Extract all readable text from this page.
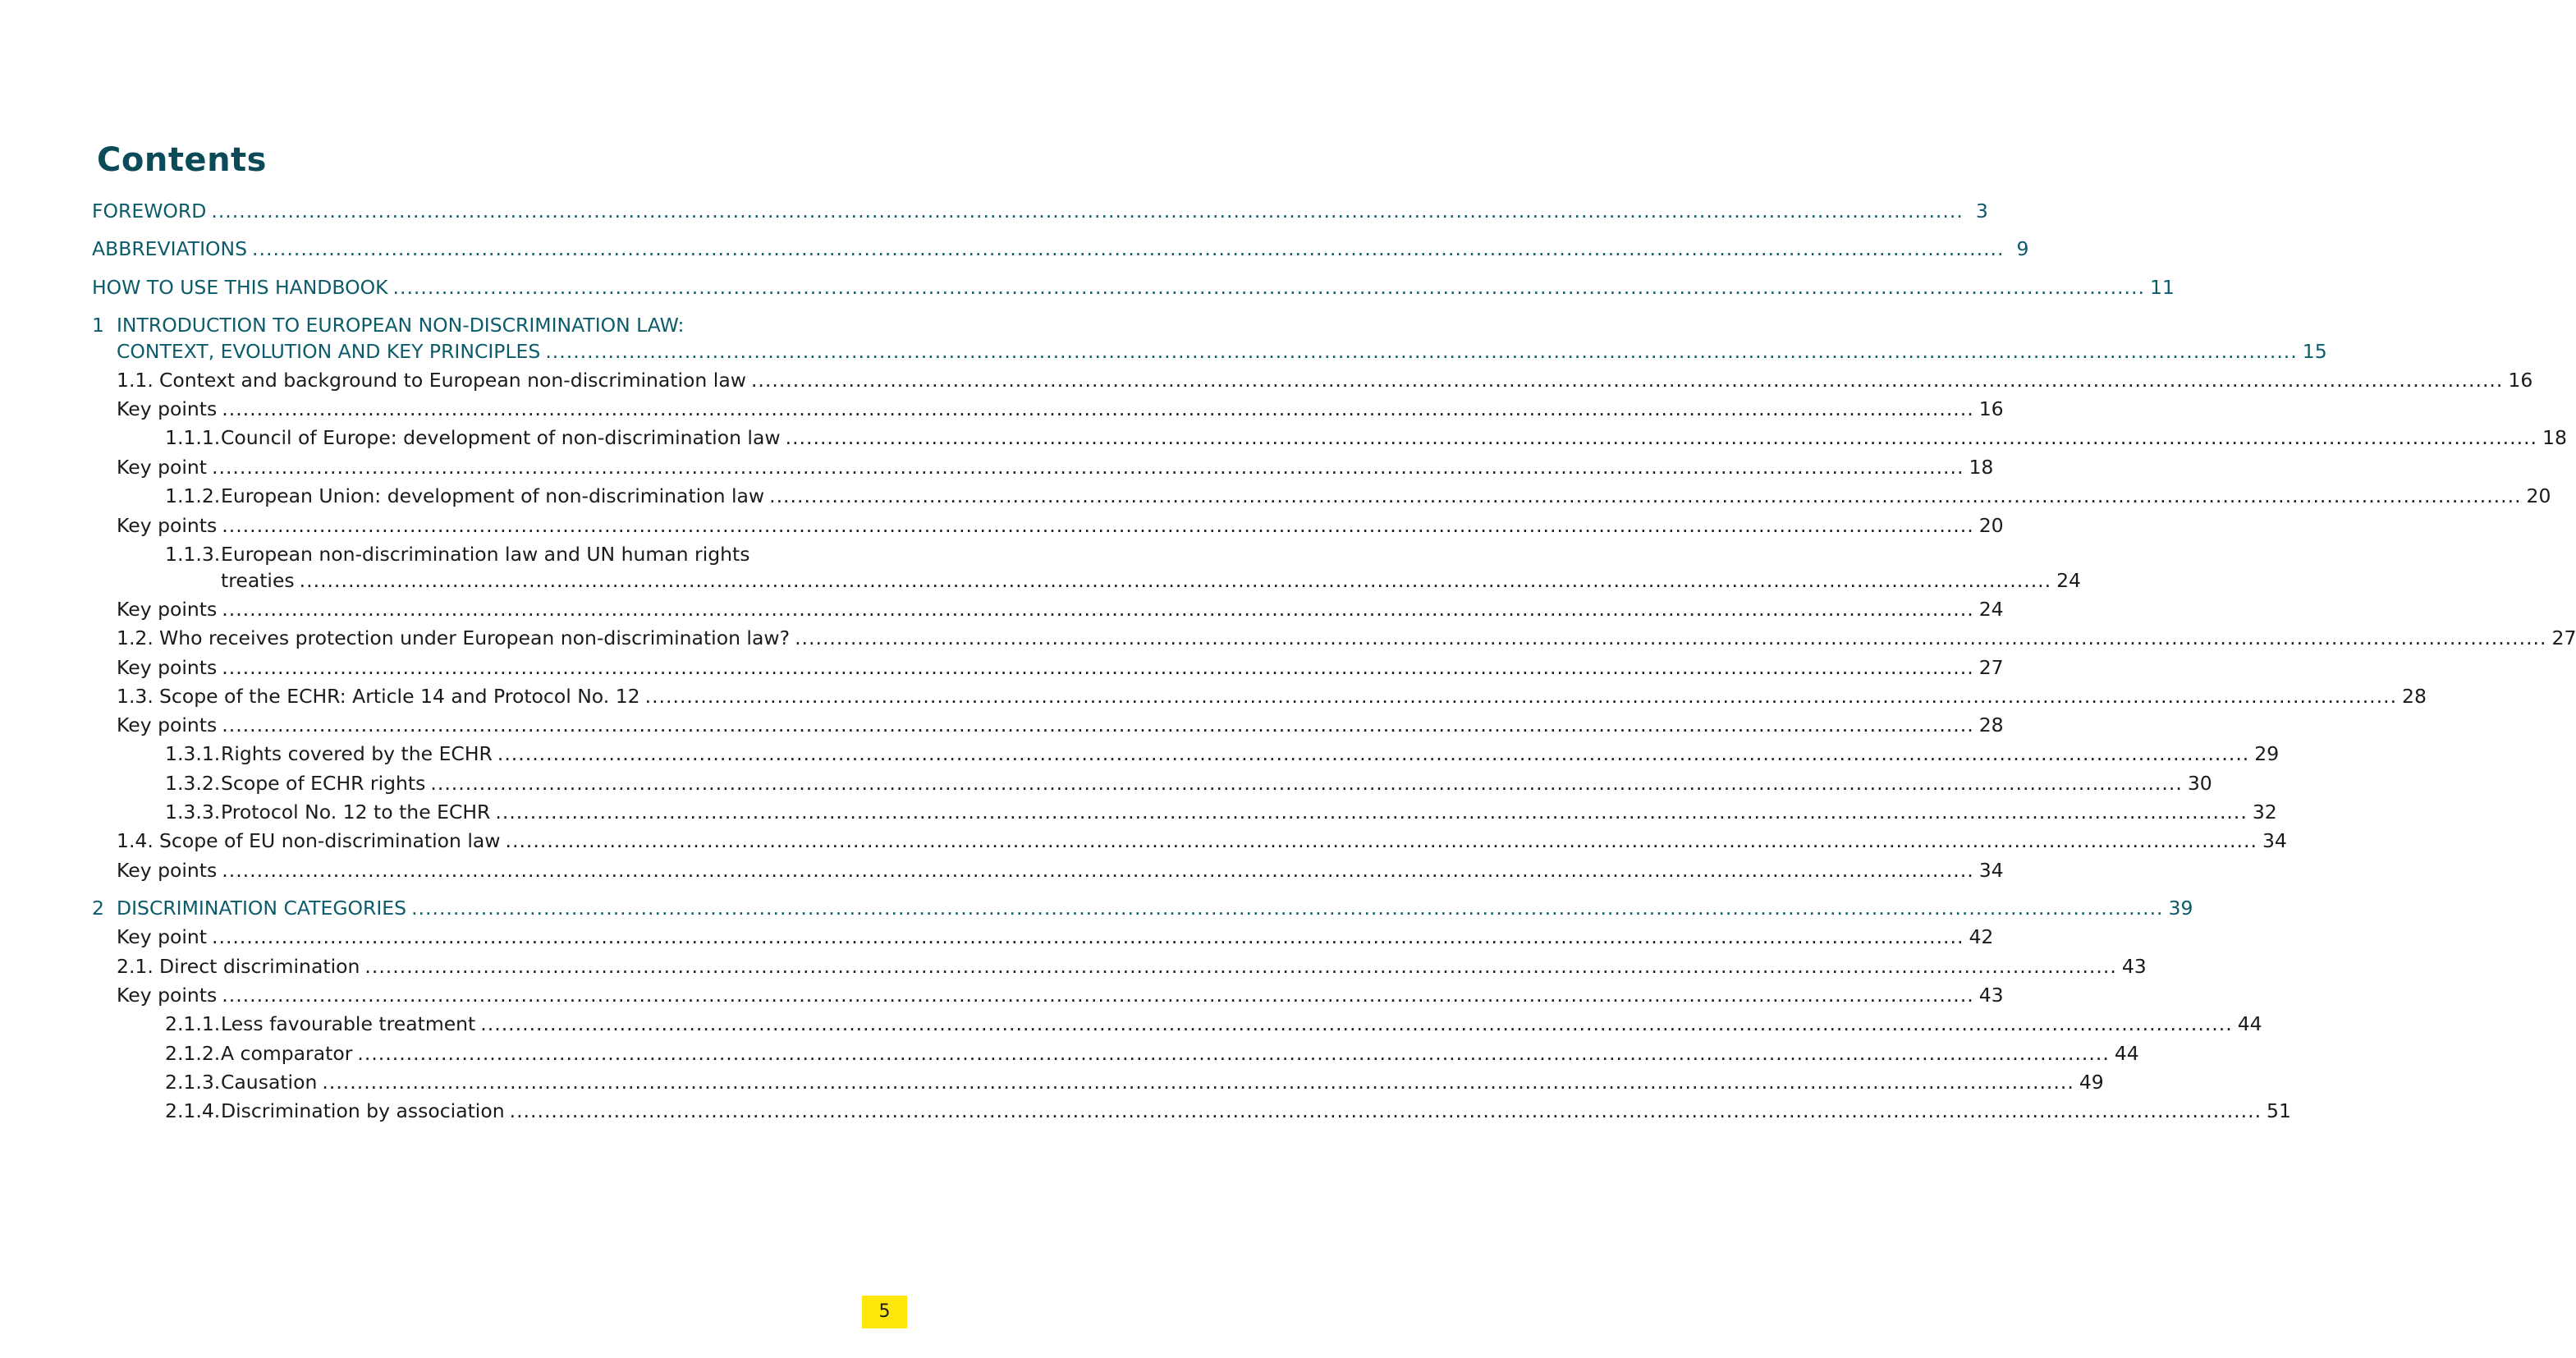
Contents
FOREWORD .....	3
ABBREVIATIONS .....	9
HOW TO USE THIS HANDBOOK .....	11
1 INTRODUCTION TO EUROPEAN NON-DISCRIMINATION LAW:
CONTEXT, EVOLUTION AND KEY PRINCIPLES .....	15
1.1. Context and background to European non-discrimination law .....	16
Key points .....	16
1.1.1. Council of Europe: development of non-discrimination law .....	18
Key point .....	18
1.1.2. European Union: development of non-discrimination law .....	20
Key points .....	20
1.1.3. European non-discrimination law and UN human rights
treaties .....	24
Key points .....	24
1.2. Who receives protection under European non-discrimination law? .....	27
Key points .....	27
1.3. Scope of the ECHR: Article 14 and Protocol No. 12 .....	28
Key points .....	28
1.3.1. Rights covered by the ECHR .....	29
1.3.2. Scope of ECHR rights .....	30
1.3.3. Protocol No. 12 to the ECHR .....	32
1.4. Scope of EU non-discrimination law .....	34
Key points .....	34
2 DISCRIMINATION CATEGORIES .....	39
Key point .....	42
2.1. Direct discrimination .....	43
Key points .....	43
2.1.1. Less favourable treatment .....	44
2.1.2. A comparator .....	44
2.1.3. Causation .....	49
2.1.4. Discrimination by association .....	51
5
